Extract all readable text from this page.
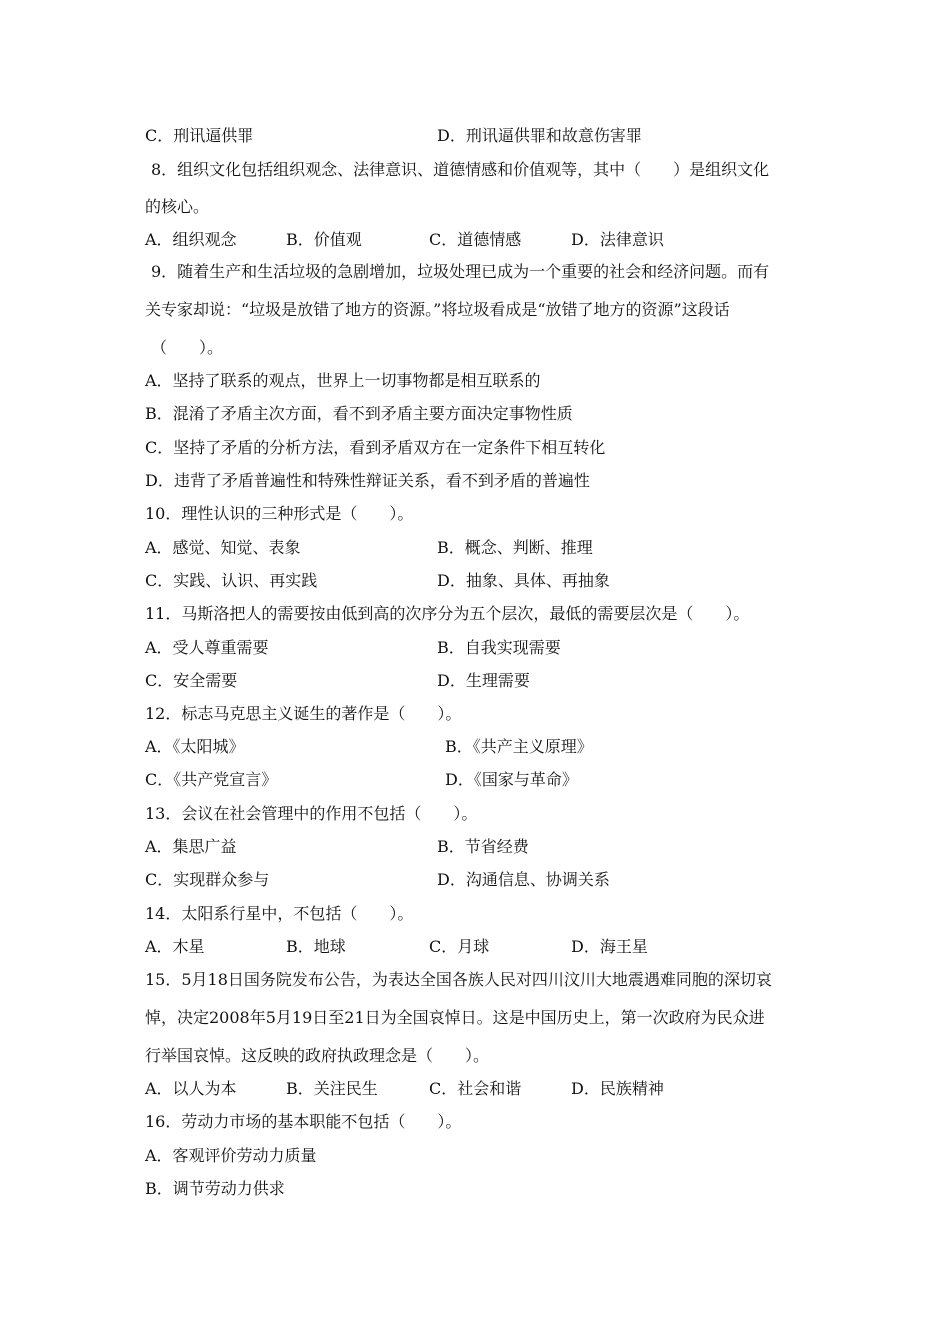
C．刑讯逼供罪	D．刑讯逼供罪和故意伤害罪
8．组织文化包括组织观念、法律意识、道德情感和价值观等，其中（　　）是组织文化
的核心。
A．组织观念	B．价值观	C．道德情感	D．法律意识
9．随着生产和生活垃圾的急剧增加，垃圾处理已成为一个重要的社会和经济问题。而有
关专家却说：“垃圾是放错了地方的资源。”将垃圾看成是“放错了地方的资源”这段话
（　　）。
A．坚持了联系的观点，世界上一切事物都是相互联系的
B．混淆了矛盾主次方面，看不到矛盾主要方面决定事物性质
C．坚持了矛盾的分析方法，看到矛盾双方在一定条件下相互转化
D．违背了矛盾普遍性和特殊性辩证关系，看不到矛盾的普遍性
10．理性认识的三种形式是（　　）。
A．感觉、知觉、表象	B．概念、判断、推理
C．实践、认识、再实践	D．抽象、具体、再抽象
11．马斯洛把人的需要按由低到高的次序分为五个层次，最低的需要层次是（　　）。
A．受人尊重需要	B．自我实现需要
C．安全需要	D．生理需要
12．标志马克思主义诞生的著作是（　　）。
A．《太阳城》	B．《共产主义原理》
C．《共产党宣言》	D．《国家与革命》
13．会议在社会管理中的作用不包括（　　）。
A．集思广益	B．节省经费
C．实现群众参与	D．沟通信息、协调关系
14．太阳系行星中，不包括（　　）。
A．木星	B．地球	C．月球	D．海王星
15．5月18日国务院发布公告，为表达全国各族人民对四川汶川大地震遇难同胞的深切哀
悼，决定2008年5月19日至21日为全国哀悼日。这是中国历史上，第一次政府为民众进
行举国哀悼。这反映的政府执政理念是（　　）。
A．以人为本	B．关注民生	C．社会和谐	D．民族精神
16．劳动力市场的基本职能不包括（　　）。
A．客观评价劳动力质量
B．调节劳动力供求
